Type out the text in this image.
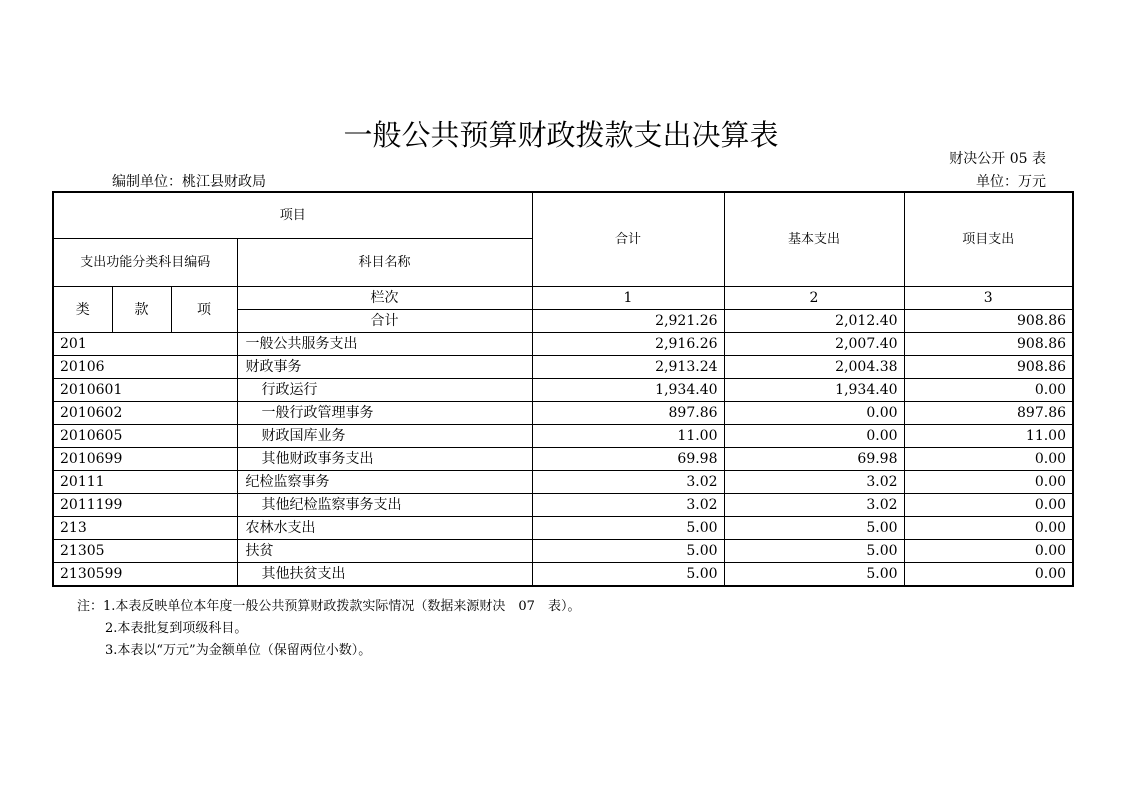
一般公共预算财政拨款支出决算表
财决公开 05 表
编制单位：桃江县财政局	单位：万元
项目				合计	基本支出	项目支出
支出功能分类科目编码			科目名称			
类	款	项	栏次	1	2	3
			合计	2,921.26	2,012.40	908.86
201			一般公共服务支出	2,916.26	2,007.40	908.86
20106			财政事务	2,913.24	2,004.38	908.86
2010601			行政运行	1,934.40	1,934.40	0.00
2010602			一般行政管理事务	897.86	0.00	897.86
2010605			财政国库业务	11.00	0.00	11.00
2010699			其他财政事务支出	69.98	69.98	0.00
20111			纪检监察事务	3.02	3.02	0.00
2011199			其他纪检监察事务支出	3.02	3.02	0.00
213			农林水支出	5.00	5.00	0.00
21305			扶贫	5.00	5.00	0.00
2130599			其他扶贫支出	5.00	5.00	0.00
注：1.本表反映单位本年度一般公共预算财政拨款实际情况（数据来源财决　07　表）。
2.本表批复到项级科目。
3.本表以“万元”为金额单位（保留两位小数）。
